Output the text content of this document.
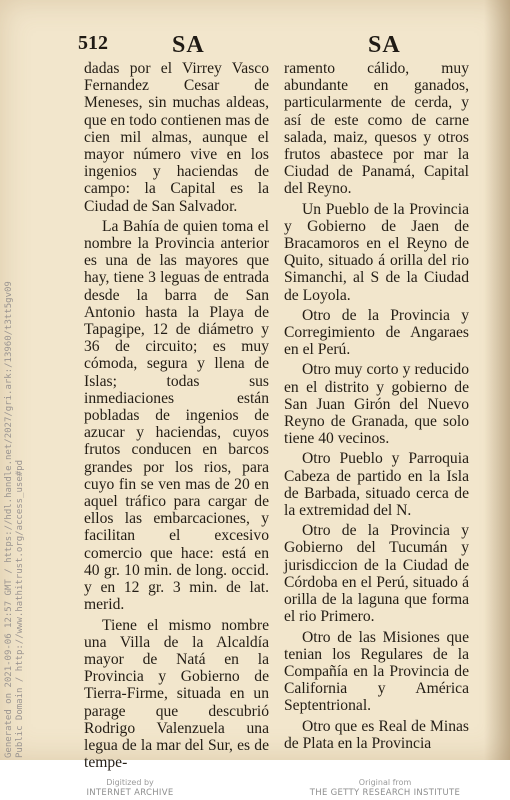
512	SA	SA

dadas por el Virrey Vasco Fernandez Cesar de Meneses, sin muchas aldeas, que en todo contienen mas de cien mil almas, aunque el mayor número vive en los ingenios y haciendas de campo: la Capital es la Ciudad de San Salvador.

La Bahía de quien toma el nombre la Provincia anterior es una de las mayores que hay, tiene 3 leguas de entrada desde la barra de San Antonio hasta la Playa de Tapagipe, 12 de diámetro y 36 de circuito; es muy cómoda, segura y llena de Islas; todas sus inmediaciones están pobladas de ingenios de azucar y haciendas, cuyos frutos conducen en barcos grandes por los rios, para cuyo fin se ven mas de 20 en aquel tráfico para cargar de ellos las embarcaciones, y facilitan el excesivo comercio que hace: está en 40 gr. 10 min. de long. occid. y en 12 gr. 3 min. de lat. merid.

Tiene el mismo nombre una Villa de la Alcaldía mayor de Natá en la Provincia y Gobierno de Tierra-Firme, situada en un parage que descubrió Rodrigo Valenzuela una legua de la mar del Sur, es de tempe-

ramento cálido, muy abundante en ganados, particularmente de cerda, y así de este como de carne salada, maiz, quesos y otros frutos abastece por mar la Ciudad de Panamá, Capital del Reyno.

Un Pueblo de la Provincia y Gobierno de Jaen de Bracamoros en el Reyno de Quito, situado á orilla del rio Simanchi, al S de la Ciudad de Loyola.

Otro de la Provincia y Corregimiento de Angaraes en el Perú.

Otro muy corto y reducido en el distrito y gobierno de San Juan Girón del Nuevo Reyno de Granada, que solo tiene 40 vecinos.

Otro Pueblo y Parroquia Cabeza de partido en la Isla de Barbada, situado cerca de la extremidad del N.

Otro de la Provincia y Gobierno del Tucumán y jurisdiccion de la Ciudad de Córdoba en el Perú, situado á orilla de la laguna que forma el rio Primero.

Otro de las Misiones que tenian los Regulares de la Compañía en la Provincia de California y América Septentrional.

Otro que es Real de Minas de Plata en la Provincia

Generated on 2021-09-06 12:57 GMT / https://hdl.handle.net/2027/gri.ark:/13960/t3tt5gv09 Public Domain / http://www.hathitrust.org/access_use#pd
Digitized by
INTERNET ARCHIVE
Original from
THE GETTY RESEARCH INSTITUTE
